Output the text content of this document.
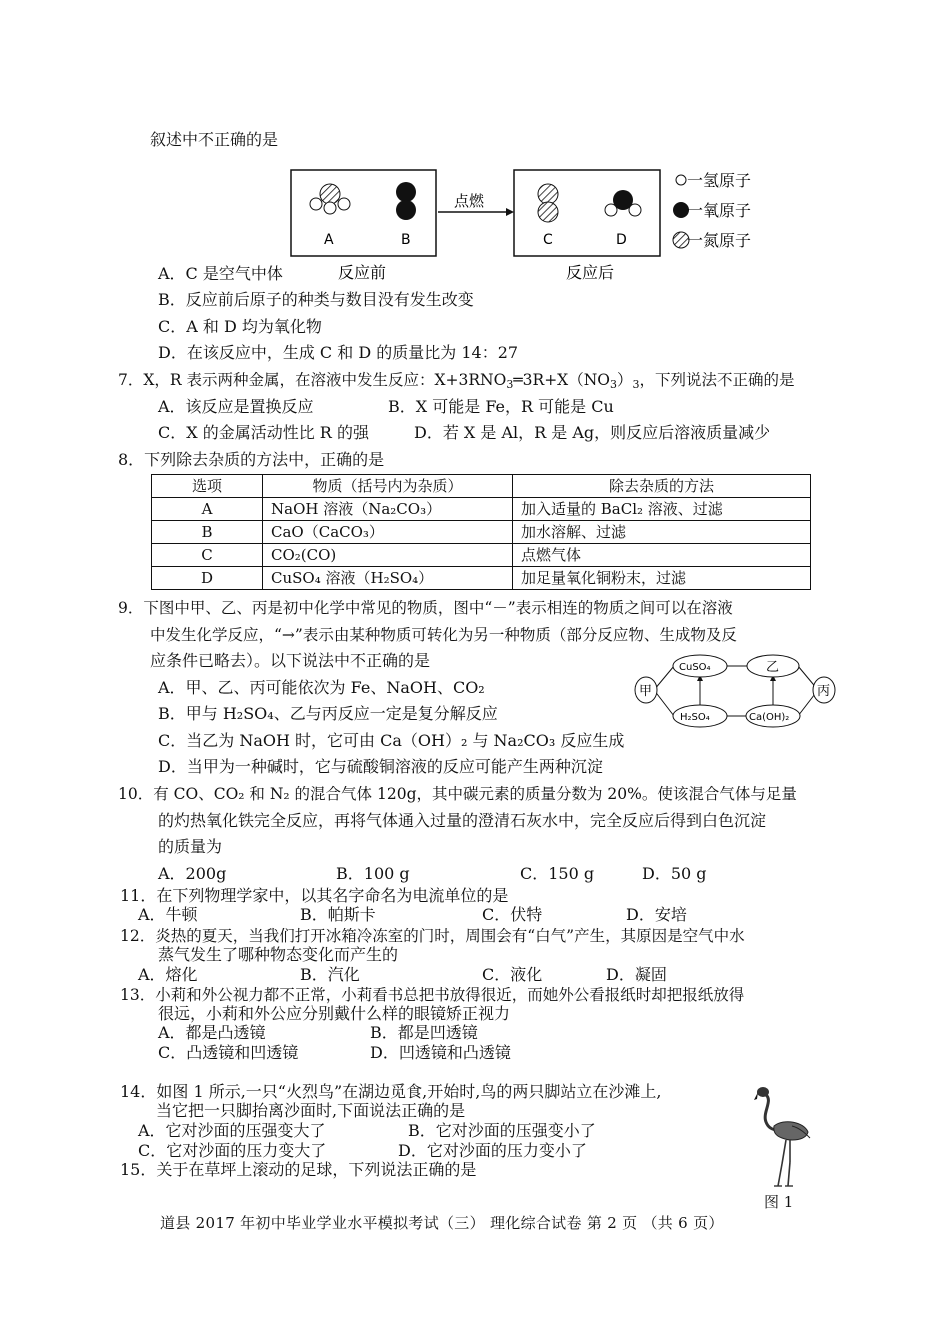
叙述中不正确的是
A	B
点燃
C	D
一氢原子
一氧原子
一氮原子
反应前	反应后
A．C 是空气中体
B．反应前后原子的种类与数目没有发生改变
C．A 和 D 均为氧化物
D．在该反应中，生成 C 和 D 的质量比为 14：27
7．X，R 表示两种金属，在溶液中发生反应：$X+3RNO_3═3R+X(NO_3)_3$，下列说法不正确的是
A．该反应是置换反应	B．X 可能是 Fe，R 可能是 Cu
C．X 的金属活动性比 R 的强	D．若 X 是 Al，R 是 Ag，则反应后溶液质量减少
8．下列除去杂质的方法中，正确的是
选项	物质（括号内为杂质）	除去杂质的方法
A	NaOH 溶液（Na₂CO₃）	加入适量的 BaCl₂ 溶液、过滤
B	CaO（CaCO₃）	加水溶解、过滤
C	CO₂(CO)	点燃气体
D	CuSO₄ 溶液（H₂SO₄）	加足量氧化铜粉末，过滤
9．下图中甲、乙、丙是初中化学中常见的物质，图中“－”表示相连的物质之间可以在溶液
中发生化学反应，“→”表示由某种物质可转化为另一种物质（部分反应物、生成物及反
应条件已略去）。以下说法中不正确的是
A．甲、乙、丙可能依次为 Fe、NaOH、CO₂
B．甲与 H₂SO₄、乙与丙反应一定是复分解反应
C．当乙为 NaOH 时，它可由 Ca（OH）₂ 与 Na₂CO₃ 反应生成
D．当甲为一种碱时，它与硫酸铜溶液的反应可能产生两种沉淀
甲
CuSO₄	乙
丙
H₂SO₄	Ca(OH)₂
10．有 CO、CO₂ 和 N₂ 的混合气体 120g，其中碳元素的质量分数为 20%。使该混合气体与足量
的灼热氧化铁完全反应，再将气体通入过量的澄清石灰水中，完全反应后得到白色沉淀
的质量为
A．200g	B．100 g	C．150 g	D．50 g
11．在下列物理学家中，以其名字命名为电流单位的是
A．牛顿	B．帕斯卡	C．伏特	D．安培
12．炎热的夏天，当我们打开冰箱冷冻室的门时，周围会有“白气”产生，其原因是空气中水
蒸气发生了哪种物态变化而产生的
A．熔化	B．汽化	C．液化	D．凝固
13．小莉和外公视力都不正常，小莉看书总把书放得很近，而她外公看报纸时却把报纸放得
很远，小莉和外公应分别戴什么样的眼镜矫正视力
A．都是凸透镜	B．都是凹透镜
C．凸透镜和凹透镜	D．凹透镜和凸透镜
14．如图 1 所示,一只“火烈鸟”在湖边觅食,开始时,鸟的两只脚站立在沙滩上,
当它把一只脚抬离沙面时,下面说法正确的是
A．它对沙面的压强变大了	B．它对沙面的压强变小了
C．它对沙面的压力变大了	D．它对沙面的压力变小了
图 1
15．关于在草坪上滚动的足球，下列说法正确的是
道县 2017 年初中毕业学业水平模拟考试（三） 理化综合试卷 第 2 页 （共 6 页）
